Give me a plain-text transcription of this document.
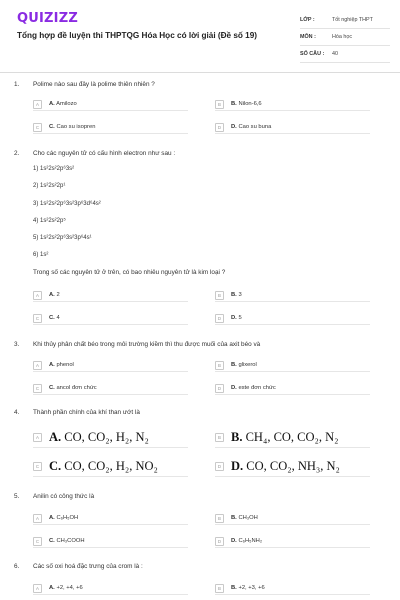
QUIZIZZ
Tổng hợp đề luyện thi THPTQG Hóa Học có lời giải (Đề số 19)
LỚP :	Tốt nghiệp THPT
MÔN :	Hóa học
SỐ CÂU :	40
1. Polime nào sau đây là polime thiên nhiên ?
A	A. Amilozo	B	B. Nilon-6,6
C	C. Cao su isopren	D	D. Cao su buna
2. Cho các nguyên tử có cấu hình electron như sau :
1) 1s²2s²2p⁶3s²
2) 1s²2s²2p¹
3) 1s²2s²2p⁶3s²3p⁶3d⁶4s²
4) 1s²2s²2p⁵
5) 1s²2s²2p⁶3s²3p⁶4s¹
6) 1s²
Trong số các nguyên tử ở trên, có bao nhiêu nguyên tử là kim loại ?
A	A. 2	B	B. 3
C	C. 4	D	D. 5
3. Khi thủy phân chất béo trong môi trường kiềm thì thu được muối của axit béo và
A	A. phenol	B	B. glixerol
C	C. ancol đơn chức	D	D. este đơn chức
4. Thành phần chính của khí than ướt là
A A. CO, CO₂, H₂, N₂	B B. CH₄, CO, CO₂, N₂
C C. CO, CO₂, H₂, NO₂	D D. CO, CO₂, NH₃, N₂
5. Anilin có công thức là
A	A. C₆H₅OH	B	B. CH₃OH
C	C. CH₃COOH	D	D. C₆H₅NH₂
6. Các số oxi hoá đặc trưng của crom là :
A	A. +2, +4, +6	B	B. +2, +3, +6
